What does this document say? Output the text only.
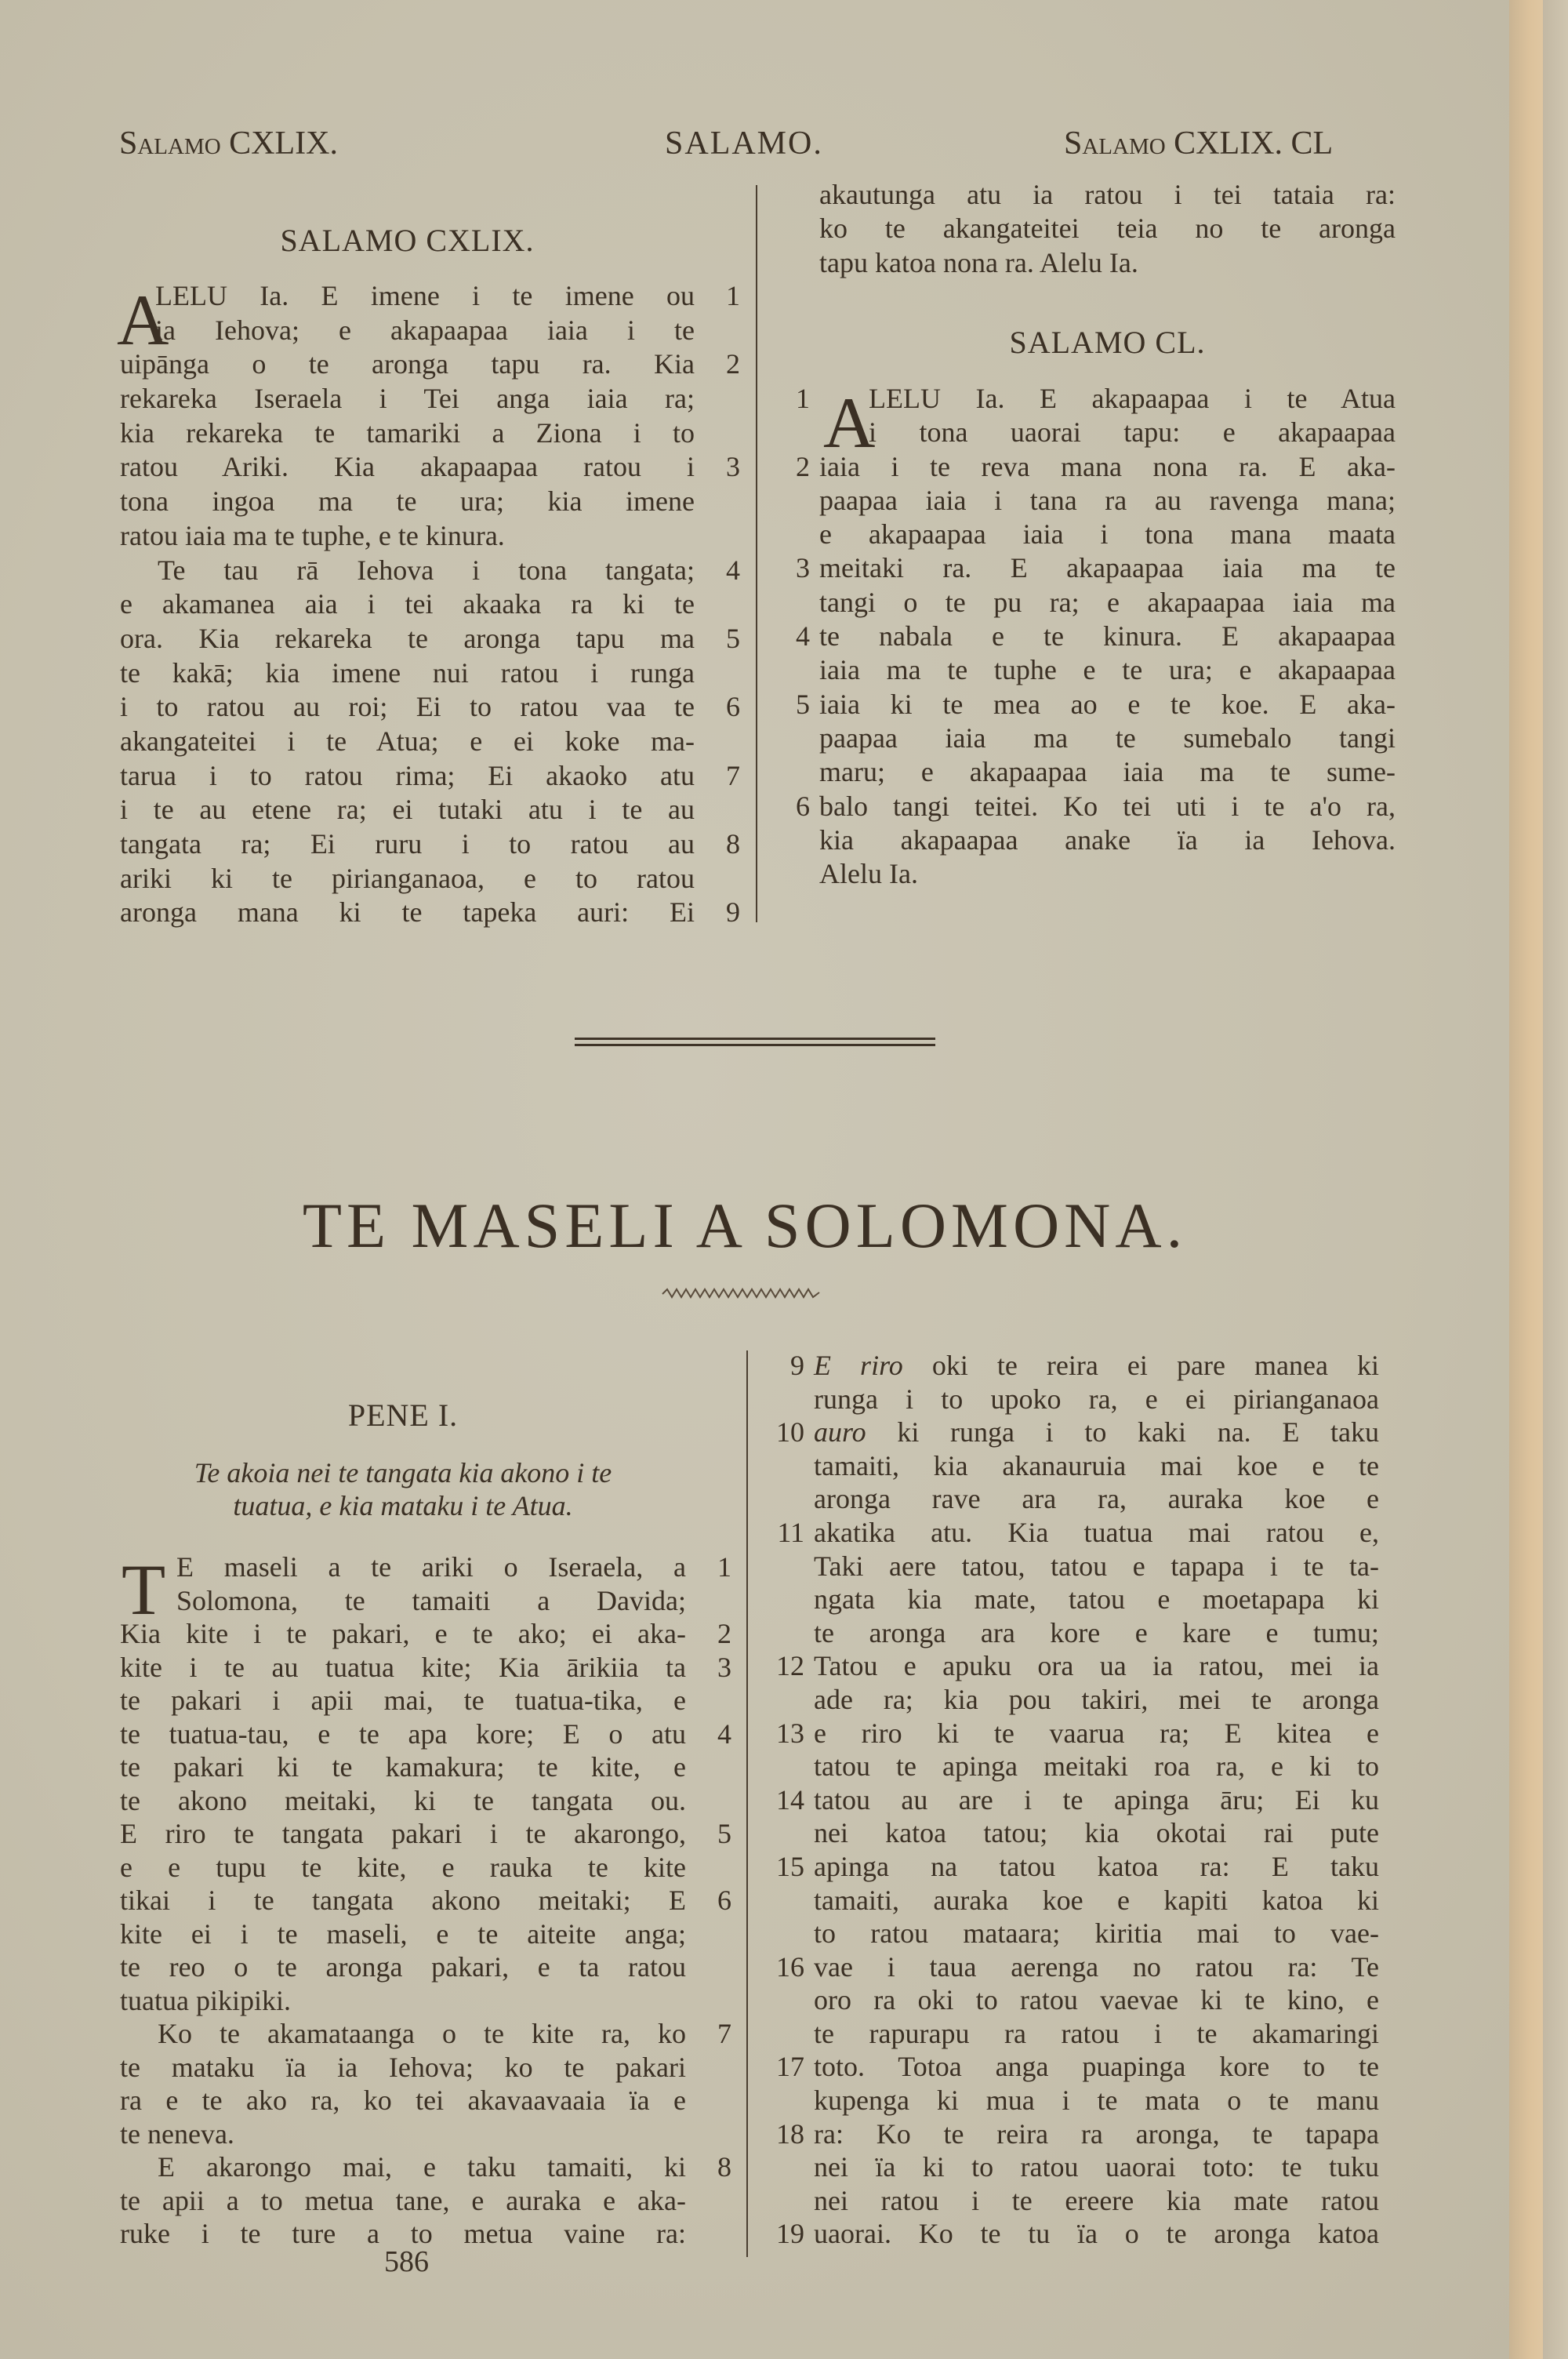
Salamo CXLIX.	SALAMO.	Salamo CXLIX. CL
SALAMO CXLIX.
A
LELU Ia. E imene i te imene ou 1
ia Iehova; e akapaapaa iaia i te
uipānga o te aronga tapu ra. Kia 2
rekareka Iseraela i Tei anga iaia ra;
kia rekareka te tamariki a Ziona i to
ratou Ariki. Kia akapaapaa ratou i 3
tona ingoa ma te ura; kia imene
ratou iaia ma te tuphe, e te kinura.
Te tau rā Iehova i tona tangata; 4
e akamanea aia i tei akaaka ra ki te
ora. Kia rekareka te aronga tapu ma 5
te kakā; kia imene nui ratou i runga
i to ratou au roi; Ei to ratou vaa te 6
akangateitei i te Atua; e ei koke ma-
tarua i to ratou rima; Ei akaoko atu 7
i te au etene ra; ei tutaki atu i te au
tangata ra; Ei ruru i to ratou au 8
ariki ki te pirianganaoa, e to ratou
aronga mana ki te tapeka auri: Ei 9
akautunga atu ia ratou i tei tataia ra:
ko te akangateitei teia no te aronga
tapu katoa nona ra. Alelu Ia.
SALAMO CL.
A
LELU Ia. E akapaapaa i te Atua
1
i tona uaorai tapu: e akapaapaa
iaia i te reva mana nona ra. E aka-
2
paapaa iaia i tana ra au ravenga mana;
e akapaapaa iaia i tona mana maata
meitaki ra. E akapaapaa iaia ma te
3
tangi o te pu ra; e akapaapaa iaia ma
te nabala e te kinura. E akapaapaa
4
iaia ma te tuphe e te ura; e akapaapaa
iaia ki te mea ao e te koe. E aka-
5
paapaa iaia ma te sumebalo tangi
maru; e akapaapaa iaia ma te sume-
balo tangi teitei. Ko tei uti i te a'o ra,
6
kia akapaapaa anake ïa ia Iehova.
Alelu Ia.
TE MASELI A SOLOMONA.
PENE I.
Te akoia nei te tangata kia akono i te
tuatua, e kia mataku i te Atua.
T E maseli a te ariki o Iseraela, a 1
Solomona, te tamaiti a Davida;
Kia kite i te pakari, e te ako; ei aka- 2
kite i te au tuatua kite; Kia ārikiia ta 3
te pakari i apii mai, te tuatua-tika, e
te tuatua-tau, e te apa kore; E o atu 4
te pakari ki te kamakura; te kite, e
te akono meitaki, ki te tangata ou.
E riro te tangata pakari i te akarongo, 5
e e tupu te kite, e rauka te kite
tikai i te tangata akono meitaki; E 6
kite ei i te maseli, e te aiteite anga;
te reo o te aronga pakari, e ta ratou
tuatua pikipiki.
Ko te akamataanga o te kite ra, ko 7
te mataku ïa ia Iehova; ko te pakari
ra e te ako ra, ko tei akavaavaaia ïa e
te neneva.
E akarongo mai, e taku tamaiti, ki 8
te apii a to metua tane, e auraka e aka-
ruke i te ture a to metua vaine ra:
E riro oki te reira ei pare manea ki
9
runga i to upoko ra, e ei pirianganaoa
auro ki runga i to kaki na. E taku
10
tamaiti, kia akanauruia mai koe e te
aronga rave ara ra, auraka koe e
akatika atu. Kia tuatua mai ratou e,
11
Taki aere tatou, tatou e tapapa i te ta-
ngata kia mate, tatou e moetapapa ki
te aronga ara kore e kare e tumu;
Tatou e apuku ora ua ia ratou, mei ia
12
ade ra; kia pou takiri, mei te aronga
e riro ki te vaarua ra; E kitea e
13
tatou te apinga meitaki roa ra, e ki to
tatou au are i te apinga āru; Ei ku
14
nei katoa tatou; kia okotai rai pute
apinga na tatou katoa ra: E taku
15
tamaiti, auraka koe e kapiti katoa ki
to ratou mataara; kiritia mai to vae-
vae i taua aerenga no ratou ra: Te
16
oro ra oki to ratou vaevae ki te kino, e
te rapurapu ra ratou i te akamaringi
toto. Totoa anga puapinga kore to te
17
kupenga ki mua i te mata o te manu
ra: Ko te reira ra aronga, te tapapa
18
nei ïa ki to ratou uaorai toto: te tuku
nei ratou i te ereere kia mate ratou
uaorai. Ko te tu ïa o te aronga katoa
19
586
